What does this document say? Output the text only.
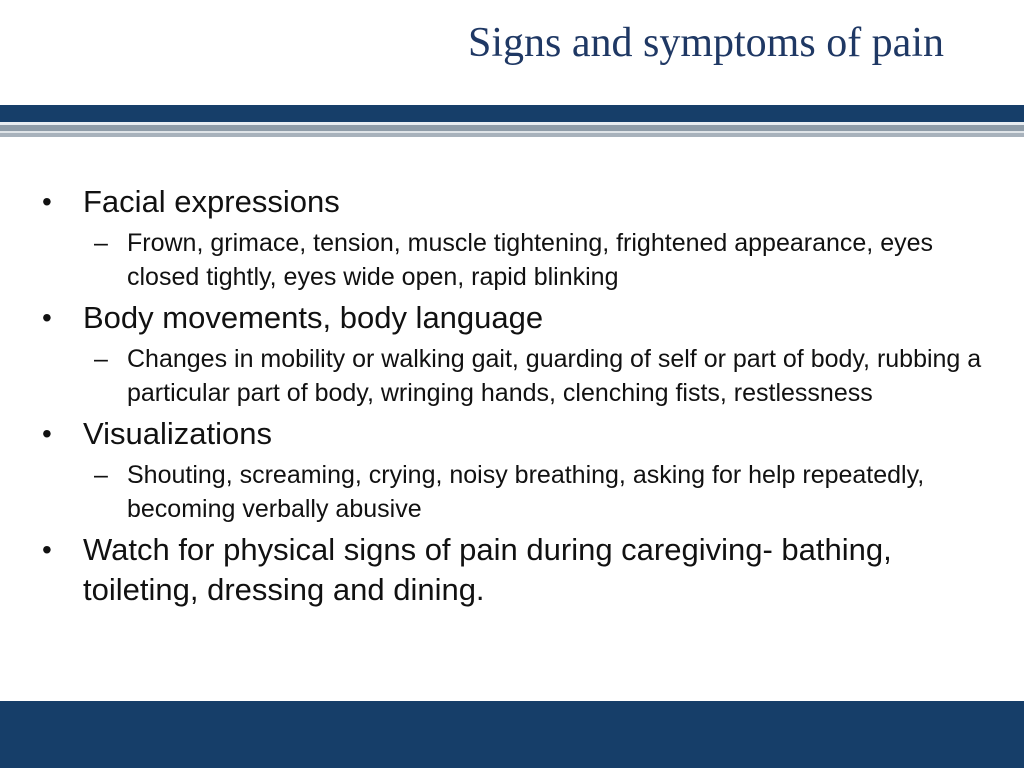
Signs and symptoms of pain
• Facial expressions
– Frown, grimace, tension, muscle tightening, frightened appearance, eyes closed tightly, eyes wide open, rapid blinking
• Body movements, body language
– Changes in mobility or walking gait, guarding of self or part of body, rubbing a particular part of body, wringing hands, clenching fists, restlessness
• Visualizations
– Shouting, screaming, crying, noisy breathing, asking for help repeatedly, becoming verbally abusive
• Watch for physical signs of pain during caregiving- bathing, toileting, dressing and dining.
